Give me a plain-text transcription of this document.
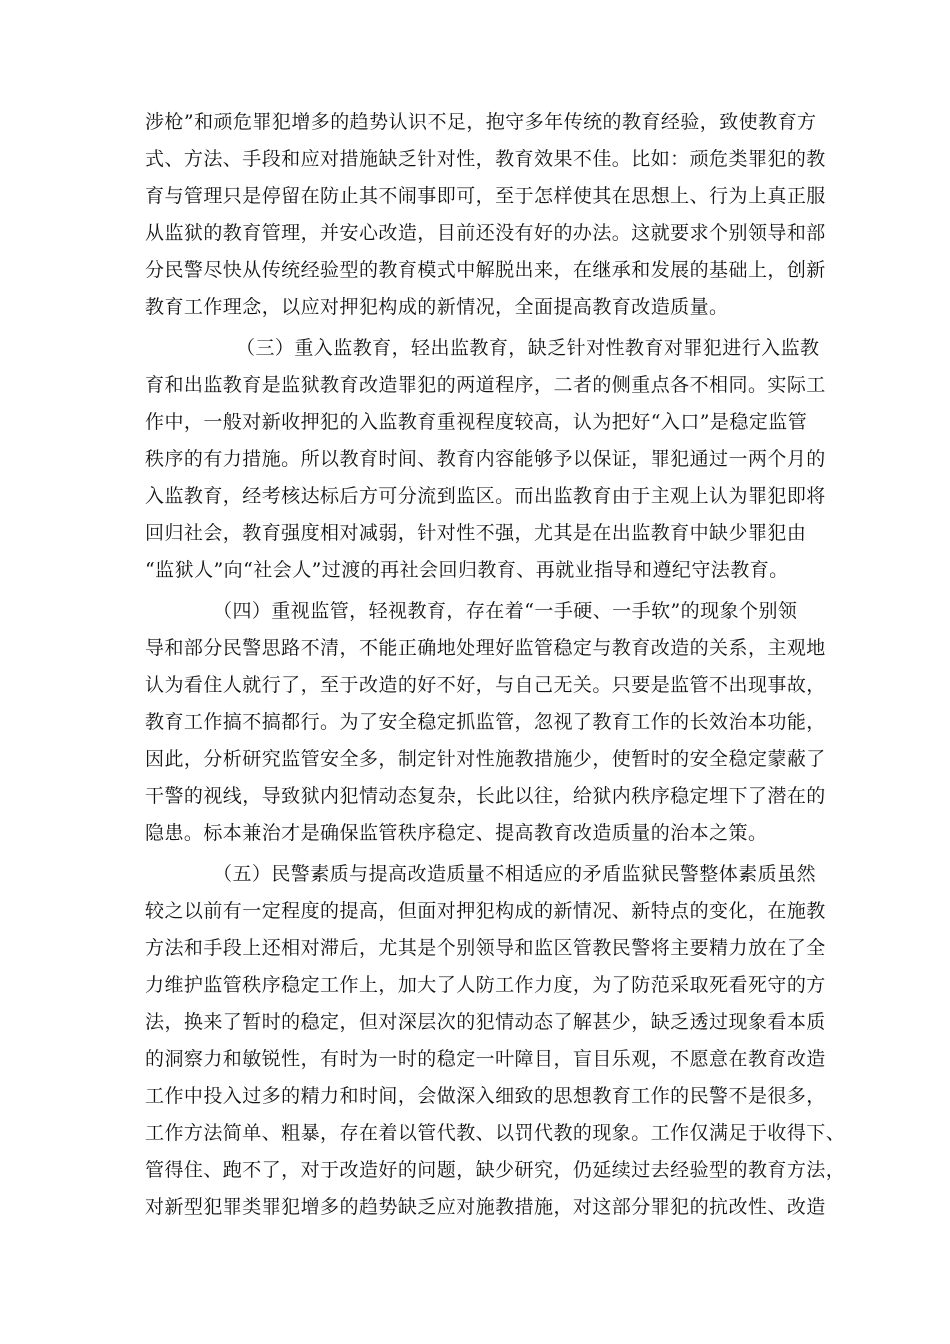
涉枪”和顽危罪犯增多的趋势认识不足，抱守多年传统的教育经验，致使教育方
式、方法、手段和应对措施缺乏针对性，教育效果不佳。比如：顽危类罪犯的教
育与管理只是停留在防止其不闹事即可，至于怎样使其在思想上、行为上真正服
从监狱的教育管理，并安心改造，目前还没有好的办法。这就要求个别领导和部
分民警尽快从传统经验型的教育模式中解脱出来，在继承和发展的基础上，创新
教育工作理念，以应对押犯构成的新情况，全面提高教育改造质量。
（三）重入监教育，轻出监教育，缺乏针对性教育对罪犯进行入监教
育和出监教育是监狱教育改造罪犯的两道程序，二者的侧重点各不相同。实际工
作中，一般对新收押犯的入监教育重视程度较高，认为把好“入口”是稳定监管
秩序的有力措施。所以教育时间、教育内容能够予以保证，罪犯通过一两个月的
入监教育，经考核达标后方可分流到监区。而出监教育由于主观上认为罪犯即将
回归社会，教育强度相对减弱，针对性不强，尤其是在出监教育中缺少罪犯由
“监狱人”向“社会人”过渡的再社会回归教育、再就业指导和遵纪守法教育。
（四）重视监管，轻视教育，存在着“一手硬、一手软”的现象个别领
导和部分民警思路不清，不能正确地处理好监管稳定与教育改造的关系，主观地
认为看住人就行了，至于改造的好不好，与自己无关。只要是监管不出现事故，
教育工作搞不搞都行。为了安全稳定抓监管，忽视了教育工作的长效治本功能，
因此，分析研究监管安全多，制定针对性施教措施少，使暂时的安全稳定蒙蔽了
干警的视线，导致狱内犯情动态复杂，长此以往，给狱内秩序稳定埋下了潜在的
隐患。标本兼治才是确保监管秩序稳定、提高教育改造质量的治本之策。
（五）民警素质与提高改造质量不相适应的矛盾监狱民警整体素质虽然
较之以前有一定程度的提高，但面对押犯构成的新情况、新特点的变化，在施教
方法和手段上还相对滞后，尤其是个别领导和监区管教民警将主要精力放在了全
力维护监管秩序稳定工作上，加大了人防工作力度，为了防范采取死看死守的方
法，换来了暂时的稳定，但对深层次的犯情动态了解甚少，缺乏透过现象看本质
的洞察力和敏锐性，有时为一时的稳定一叶障目，盲目乐观，不愿意在教育改造
工作中投入过多的精力和时间，会做深入细致的思想教育工作的民警不是很多，
工作方法简单、粗暴，存在着以管代教、以罚代教的现象。工作仅满足于收得下、
管得住、跑不了，对于改造好的问题，缺少研究，仍延续过去经验型的教育方法，
对新型犯罪类罪犯增多的趋势缺乏应对施教措施，对这部分罪犯的抗改性、改造
